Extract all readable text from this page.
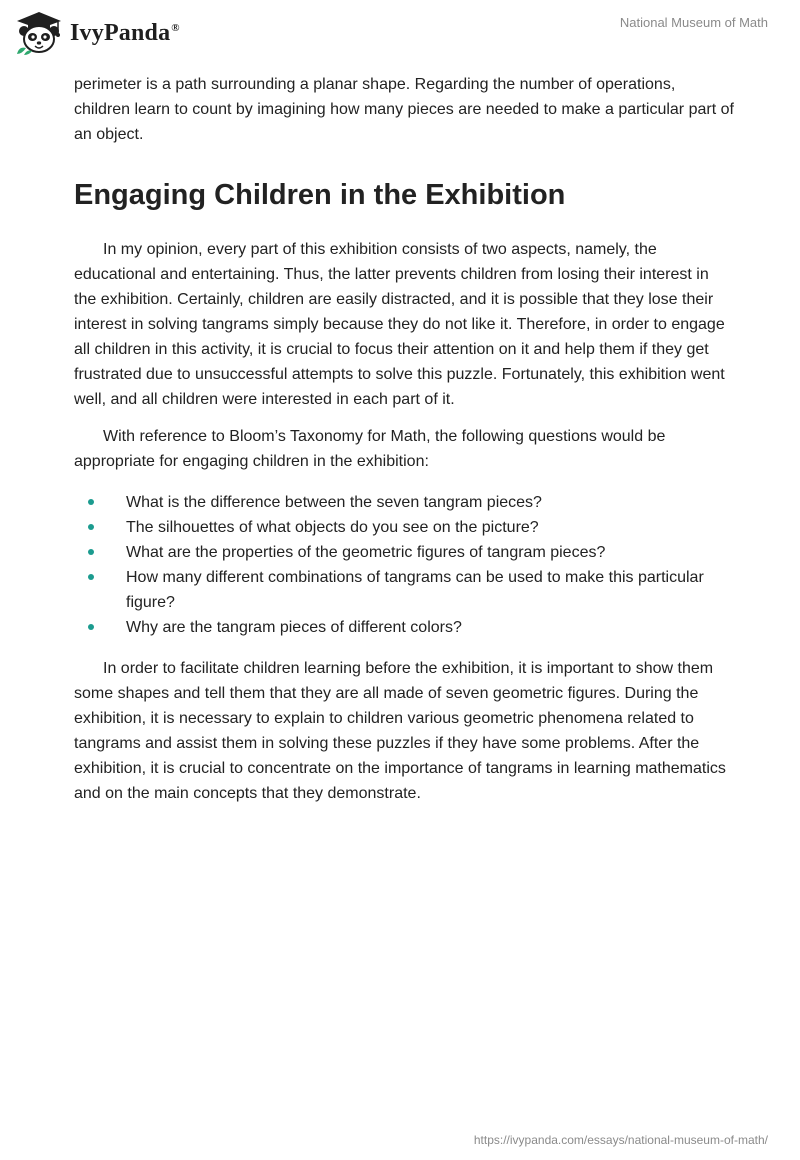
IvyPanda®	National Museum of Math

perimeter is a path surrounding a planar shape. Regarding the number of operations, children learn to count by imagining how many pieces are needed to make a particular part of an object.

Engaging Children in the Exhibition

In my opinion, every part of this exhibition consists of two aspects, namely, the educational and entertaining. Thus, the latter prevents children from losing their interest in the exhibition. Certainly, children are easily distracted, and it is possible that they lose their interest in solving tangrams simply because they do not like it. Therefore, in order to engage all children in this activity, it is crucial to focus their attention on it and help them if they get frustrated due to unsuccessful attempts to solve this puzzle. Fortunately, this exhibition went well, and all children were interested in each part of it.

With reference to Bloom’s Taxonomy for Math, the following questions would be appropriate for engaging children in the exhibition:

What is the difference between the seven tangram pieces?
The silhouettes of what objects do you see on the picture?
What are the properties of the geometric figures of tangram pieces?
How many different combinations of tangrams can be used to make this particular figure?
Why are the tangram pieces of different colors?

In order to facilitate children learning before the exhibition, it is important to show them some shapes and tell them that they are all made of seven geometric figures. During the exhibition, it is necessary to explain to children various geometric phenomena related to tangrams and assist them in solving these puzzles if they have some problems. After the exhibition, it is crucial to concentrate on the importance of tangrams in learning mathematics and on the main concepts that they demonstrate.

https://ivypanda.com/essays/national-museum-of-math/
